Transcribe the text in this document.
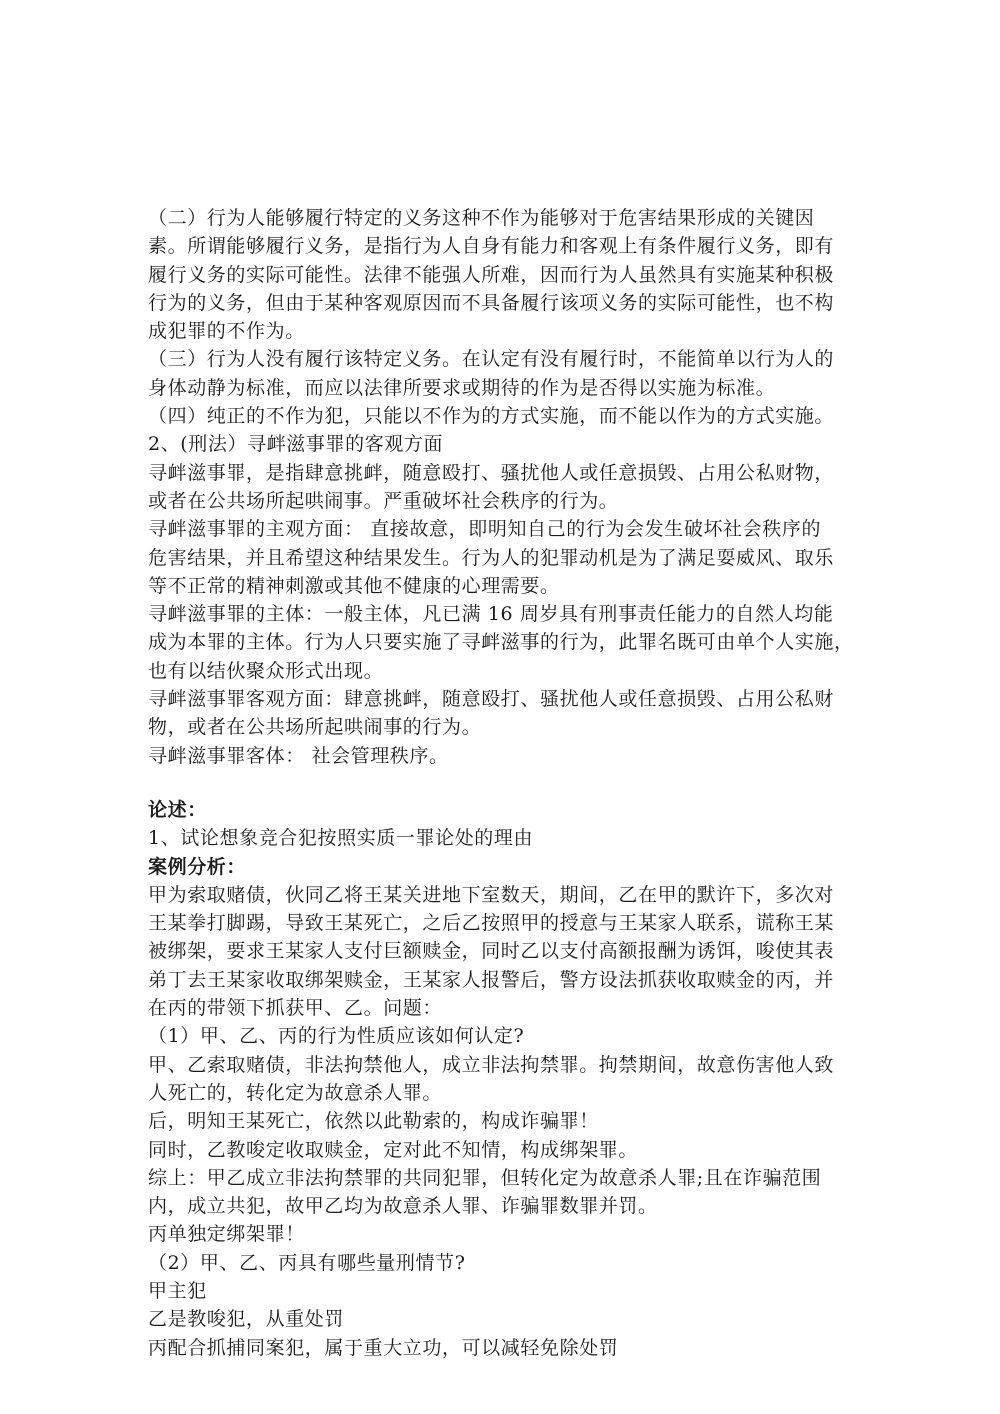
（二）行为人能够履行特定的义务这种不作为能够对于危害结果形成的关键因
素。所谓能够履行义务，是指行为人自身有能力和客观上有条件履行义务，即有
履行义务的实际可能性。法律不能强人所难，因而行为人虽然具有实施某种积极
行为的义务，但由于某种客观原因而不具备履行该项义务的实际可能性，也不构
成犯罪的不作为。
（三）行为人没有履行该特定义务。在认定有没有履行时，不能简单以行为人的
身体动静为标准，而应以法律所要求或期待的作为是否得以实施为标准。
（四）纯正的不作为犯，只能以不作为的方式实施，而不能以作为的方式实施。
2、(刑法）寻衅滋事罪的客观方面
寻衅滋事罪，是指肆意挑衅，随意殴打、骚扰他人或任意损毁、占用公私财物，
或者在公共场所起哄闹事。严重破坏社会秩序的行为。
寻衅滋事罪的主观方面： 直接故意，即明知自己的行为会发生破坏社会秩序的
危害结果，并且希望这种结果发生。行为人的犯罪动机是为了满足耍威风、取乐
等不正常的精神刺激或其他不健康的心理需要。
寻衅滋事罪的主体：一般主体，凡已满 16 周岁具有刑事责任能力的自然人均能
成为本罪的主体。行为人只要实施了寻衅滋事的行为，此罪名既可由单个人实施，
也有以结伙聚众形式出现。
寻衅滋事罪客观方面：肆意挑衅，随意殴打、骚扰他人或任意损毁、占用公私财
物，或者在公共场所起哄闹事的行为。
寻衅滋事罪客体： 社会管理秩序。
论述：
1、试论想象竞合犯按照实质一罪论处的理由
案例分析：
甲为索取赌债，伙同乙将王某关进地下室数天，期间，乙在甲的默许下，多次对
王某拳打脚踢，导致王某死亡，之后乙按照甲的授意与王某家人联系，谎称王某
被绑架，要求王某家人支付巨额赎金，同时乙以支付高额报酬为诱饵，唆使其表
弟丁去王某家收取绑架赎金，王某家人报警后，警方设法抓获收取赎金的丙，并
在丙的带领下抓获甲、乙。问题：
（1）甲、乙、丙的行为性质应该如何认定?
甲、乙索取赌债，非法拘禁他人，成立非法拘禁罪。拘禁期间，故意伤害他人致
人死亡的，转化定为故意杀人罪。
后，明知王某死亡，依然以此勒索的，构成诈骗罪！
同时，乙教唆定收取赎金，定对此不知情，构成绑架罪。
综上：甲乙成立非法拘禁罪的共同犯罪，但转化定为故意杀人罪;且在诈骗范围
内，成立共犯，故甲乙均为故意杀人罪、诈骗罪数罪并罚。
丙单独定绑架罪！
（2）甲、乙、丙具有哪些量刑情节?
甲主犯
乙是教唆犯，从重处罚
丙配合抓捕同案犯，属于重大立功，可以减轻免除处罚
